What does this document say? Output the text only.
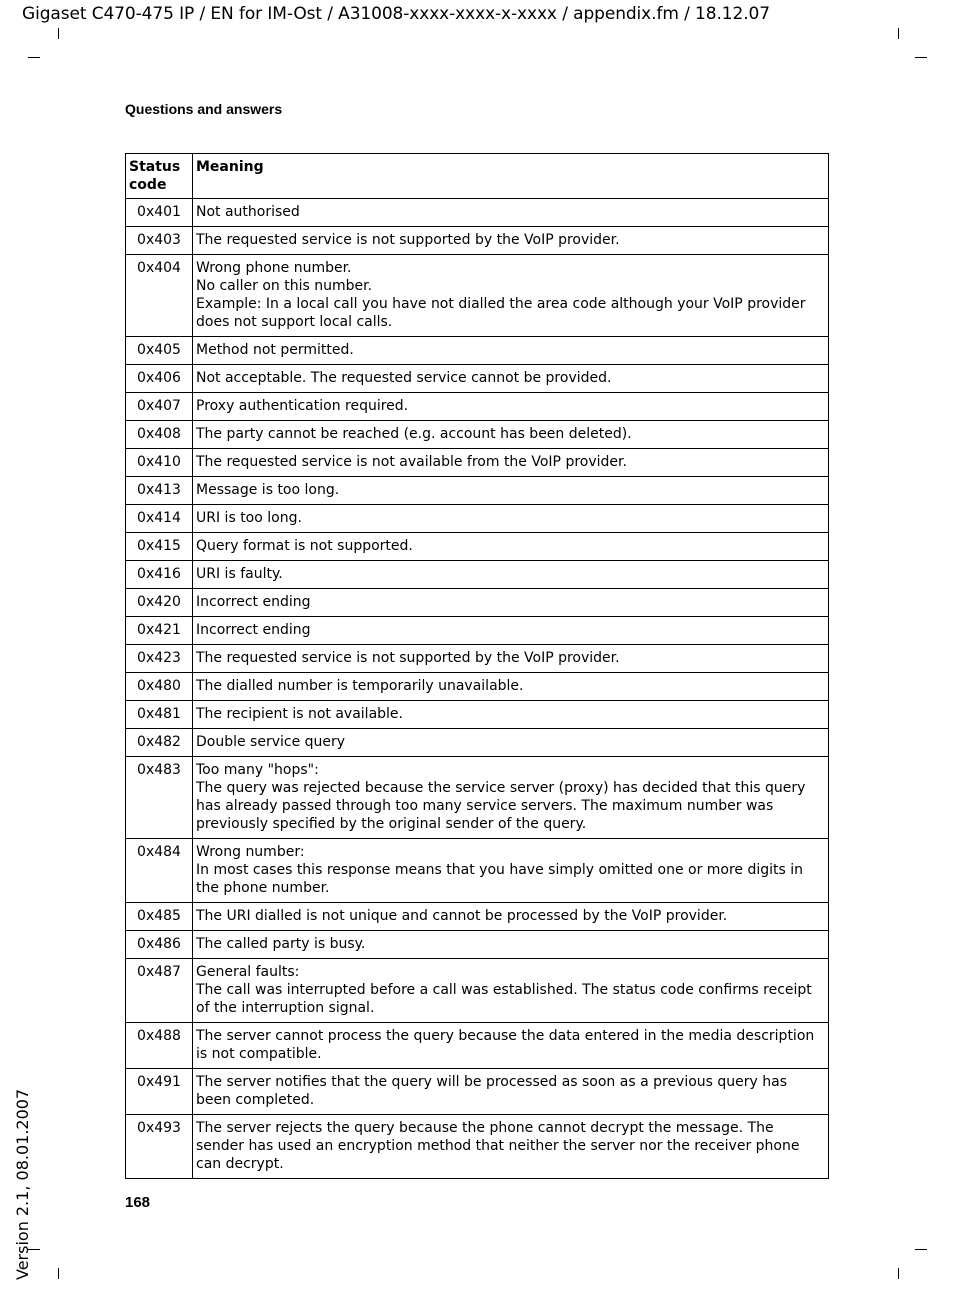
Gigaset C470-475 IP / EN for IM-Ost / A31008-xxxx-xxxx-x-xxxx / appendix.fm / 18.12.07
Questions and answers
Status
code	Meaning
0x401	Not authorised

0x403	The requested service is not supported by the VoIP provider.

0x404	Wrong phone number.
No caller on this number.
Example: In a local call you have not dialled the area code although your VoIP provider does not support local calls.

0x405	Method not permitted.

0x406	Not acceptable. The requested service cannot be provided.

0x407	Proxy authentication required.

0x408	The party cannot be reached (e.g. account has been deleted).

0x410	The requested service is not available from the VoIP provider.

0x413	Message is too long.

0x414	URI is too long.

0x415	Query format is not supported.

0x416	URI is faulty.

0x420	Incorrect ending

0x421	Incorrect ending

0x423	The requested service is not supported by the VoIP provider.

0x480	The dialled number is temporarily unavailable.

0x481	The recipient is not available.

0x482	Double service query

0x483	Too many "hops":
The query was rejected because the service server (proxy) has decided that this query has already passed through too many service servers. The maximum number was previously specified by the original sender of the query.

0x484	Wrong number:
In most cases this response means that you have simply omitted one or more digits in the phone number.

0x485	The URI dialled is not unique and cannot be processed by the VoIP provider.

0x486	The called party is busy.

0x487	General faults:
The call was interrupted before a call was established. The status code confirms receipt of the interruption signal.

0x488	The server cannot process the query because the data entered in the media description is not compatible.

0x491	The server notifies that the query will be processed as soon as a previous query has been completed.

0x493	The server rejects the query because the phone cannot decrypt the message. The sender has used an encryption method that neither the server nor the receiver phone can decrypt.
168
Version 2.1, 08.01.2007
